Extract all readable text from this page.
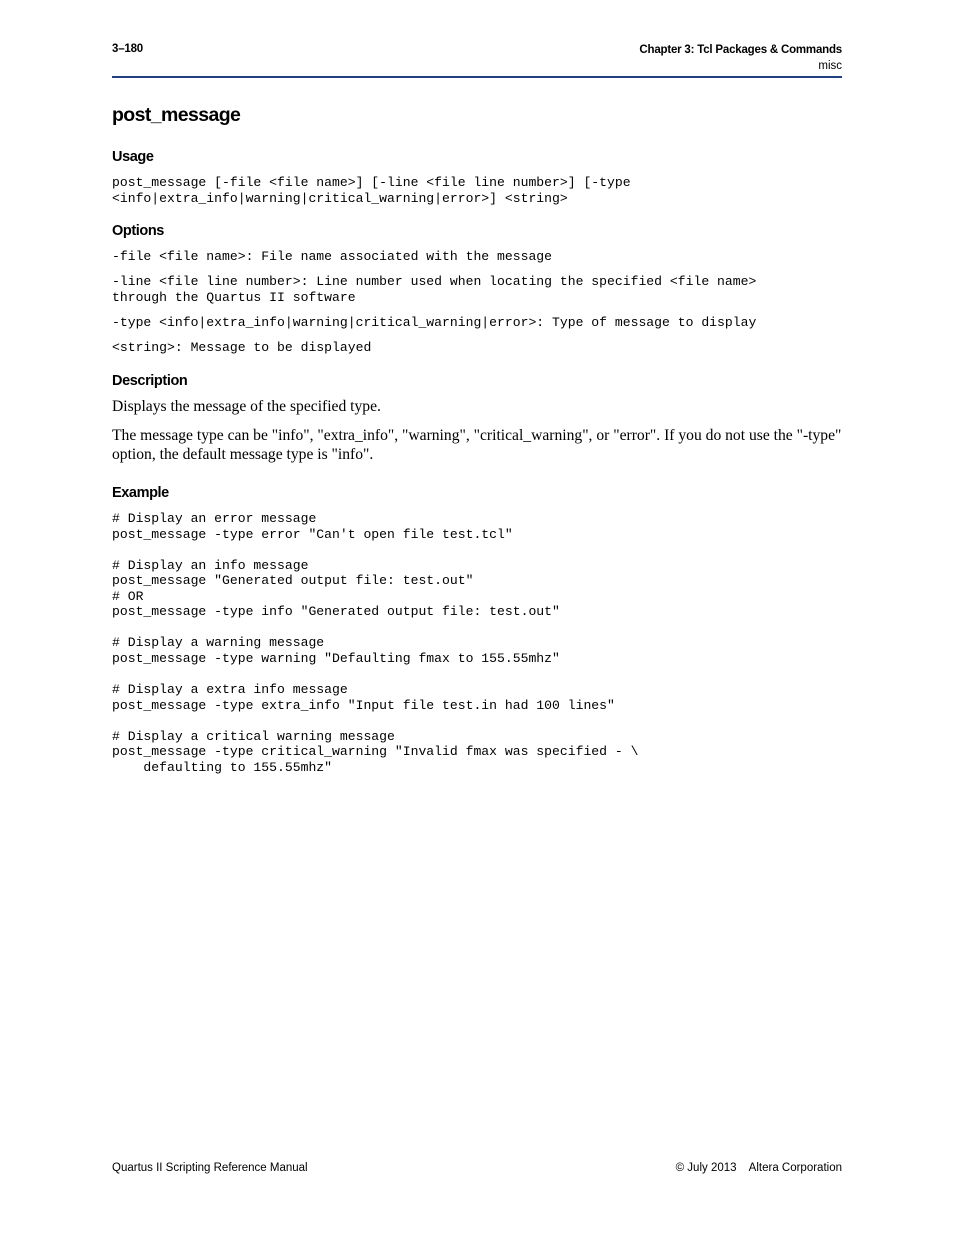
3–180	Chapter 3: Tcl Packages & Commands
misc
post_message
Usage
post_message [-file <file name>] [-line <file line number>] [-type
<info|extra_info|warning|critical_warning|error>] <string>
Options
-file <file name>: File name associated with the message
-line <file line number>: Line number used when locating the specified <file name>
through the Quartus II software
-type <info|extra_info|warning|critical_warning|error>: Type of message to display
<string>: Message to be displayed
Description

Displays the message of the specified type.

The message type can be "info", "extra_info", "warning", "critical_warning", or "error". If you do not use the "-type" option, the default message type is "info".

Example
# Display an error message
post_message -type error "Can't open file test.tcl"
# Display an info message
post_message "Generated output file: test.out"
# OR
post_message -type info "Generated output file: test.out"
# Display a warning message
post_message -type warning "Defaulting fmax to 155.55mhz"
# Display a extra info message
post_message -type extra_info "Input file test.in had 100 lines"
# Display a critical warning message
post_message -type critical_warning "Invalid fmax was specified - \
defaulting to 155.55mhz"
Quartus II Scripting Reference Manual	© July 2013    Altera Corporation
